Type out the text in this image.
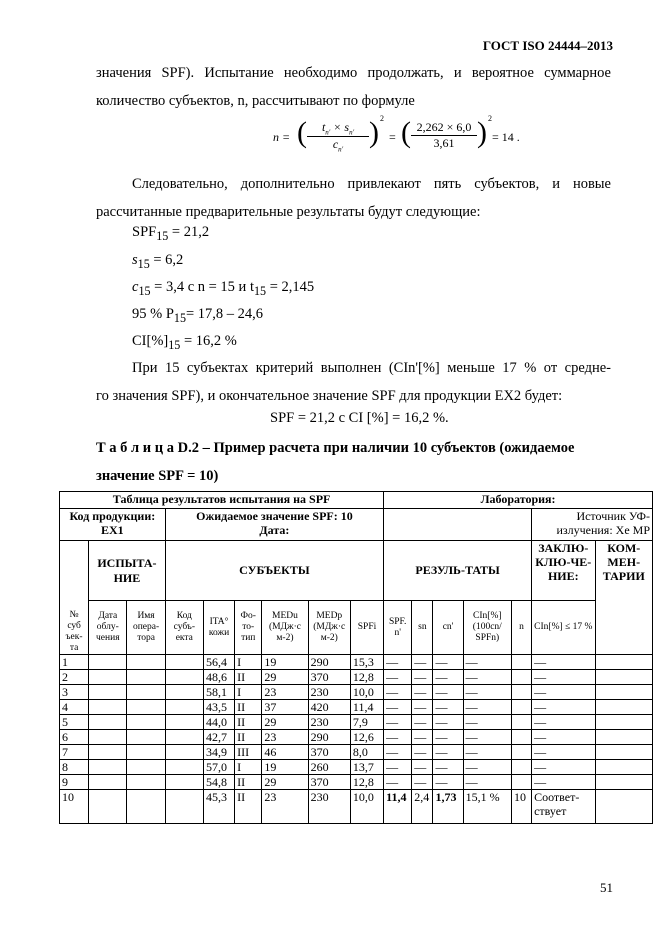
ГОСТ ISO 24444–2013
значения SPF). Испытание необходимо продолжать, и вероятное суммарное
количество субъектов, n, рассчитывают по формуле
n = ( $\frac{t_{n'} \times s_{n'}}{c_{n'}}$ ) 2
= ( $\frac{2,262 \times 6,0}{3,61}$ ) 2
= 14 .
Следовательно, дополнительно привлекают пять субъектов, и новые
рассчитанные предварительные результаты будут следующие:
$SPF_{15} = 21,2$
$s_{15} = 6,2$
$c_{15} = 3,4$ с n = 15 и $t_{15} = 2,145$
95 % $P_{15}= 17,8 - 24,6$
$CI[\%]_{15} = 16,2$ %
При 15 субъектах критерий выполнен (CIn'[%] меньше 17 % от средне-
го значения SPF), и окончательное значение SPF для продукции EX2 будет:
SPF = 21,2 с CI [%] = 16,2 %.
Т а б л и ц а D.2 – Пример расчета при наличии 10 субъектов (ожидаемое
значение SPF = 10)
Таблица результатов испытания на SPF									Лаборатория:						
Код продукции: EX1			Ожидаемое значение SPF: 10
Дата:											Источник УФ-излучения: Xe MP	
№ суб ъек-та	ИСПЫТА-НИЕ		СУБЪЕКТЫ						РЕЗУЛЬ-ТАТЫ					ЗАКЛЮ-КЛЮ-ЧЕ-НИЕ:	КОМ-МЕН-ТАРИИ
	Дата облу-чения	Имя опера-тора	Код субъ-екта	ITA° кожи	Фо-то-тип	MEDu (МДж·с м-2)	MEDp (МДж·с м-2)	SPFi	SPF. n'	sn	cn'	CIn[%] (100cn/ SPFn)	n	CIn[%] ≤ 17 %	
1				56,4	I	19	290	15,3	—	—	—	—		—	
2				48,6	II	29	370	12,8	—	—	—	—		—	
3				58,1	I	23	230	10,0	—	—	—	—		—	
4				43,5	II	37	420	11,4	—	—	—	—		—	
5				44,0	II	29	230	7,9	—	—	—	—		—	
6				42,7	II	23	290	12,6	—	—	—	—		—	
7				34,9	III	46	370	8,0	—	—	—	—		—	
8				57,0	I	19	260	13,7	—	—	—	—		—	
9				54,8	II	29	370	12,8	—	—	—	—		—	
10				45,3	II	23	230	10,0	11,4	2,4	1,73	15,1 %	10	Соответ-ствует	
51
